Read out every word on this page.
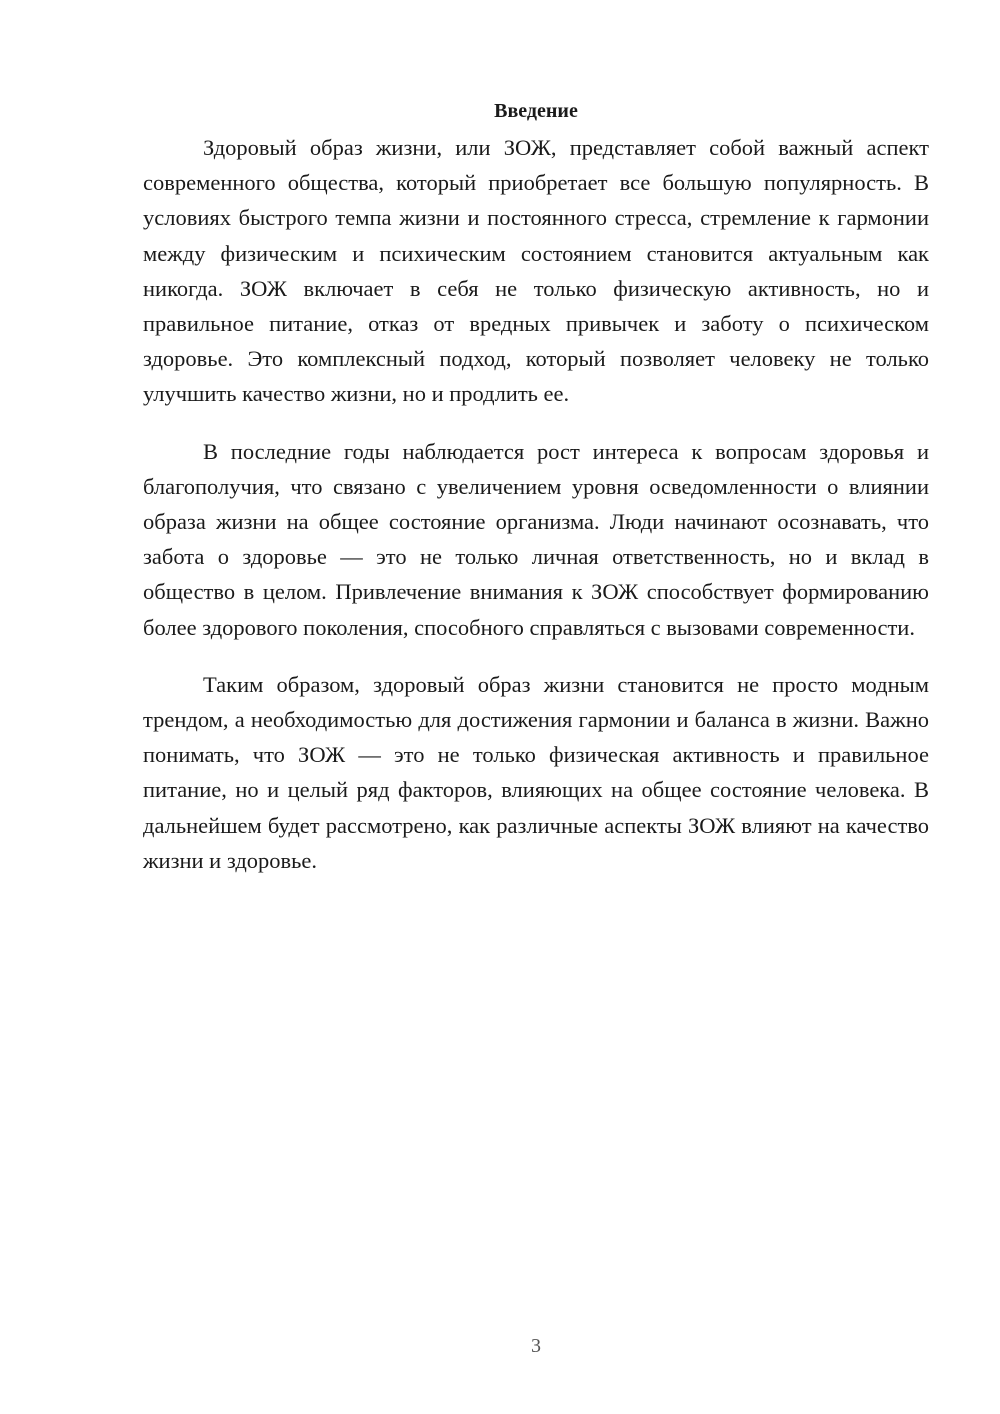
Введение

Здоровый образ жизни, или ЗОЖ, представляет собой важный аспект современного общества, который приобретает все большую популярность. В условиях быстрого темпа жизни и постоянного стресса, стремление к гармонии между физическим и психическим состоянием становится актуальным как никогда. ЗОЖ включает в себя не только физическую активность, но и правильное питание, отказ от вредных привычек и заботу о психическом здоровье. Это комплексный подход, который позволяет человеку не только улучшить качество жизни, но и продлить ее.

В последние годы наблюдается рост интереса к вопросам здоровья и благополучия, что связано с увеличением уровня осведомленности о влиянии образа жизни на общее состояние организма. Люди начинают осознавать, что забота о здоровье — это не только личная ответственность, но и вклад в общество в целом. Привлечение внимания к ЗОЖ способствует формированию более здорового поколения, способного справляться с вызовами современности.

Таким образом, здоровый образ жизни становится не просто модным трендом, а необходимостью для достижения гармонии и баланса в жизни. Важно понимать, что ЗОЖ — это не только физическая активность и правильное питание, но и целый ряд факторов, влияющих на общее состояние человека. В дальнейшем будет рассмотрено, как различные аспекты ЗОЖ влияют на качество жизни и здоровье.

3
